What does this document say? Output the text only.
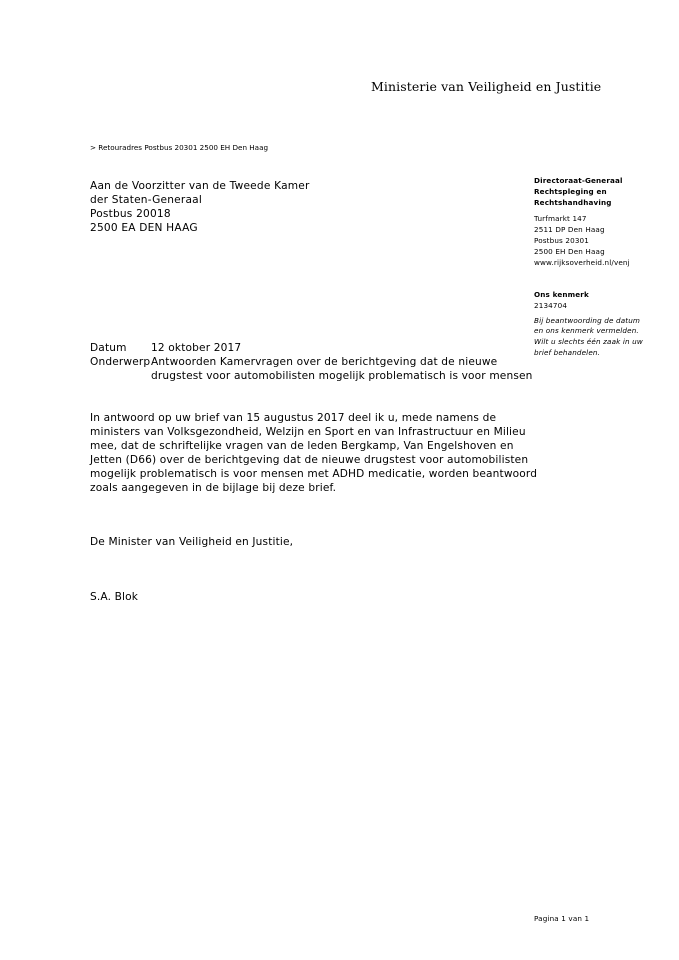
Ministerie van Veiligheid en Justitie
> Retouradres Postbus 20301 2500 EH Den Haag
Aan de Voorzitter van de Tweede Kamer
der Staten-Generaal
Postbus 20018
2500 EA DEN HAAG
Directoraat-Generaal
Rechtspleging en
Rechtshandhaving
Turfmarkt 147
2511 DP Den Haag
Postbus 20301
2500 EH Den Haag
www.rijksoverheid.nl/venj
Ons kenmerk
2134704
Bij beantwoording de datum
en ons kenmerk vermelden.
Wilt u slechts één zaak in uw
brief behandelen.
Datum	12 oktober 2017
Onderwerp Antwoorden Kamervragen over de berichtgeving dat de nieuwe
drugstest voor automobilisten mogelijk problematisch is voor mensen
In antwoord op uw brief van 15 augustus 2017 deel ik u, mede namens de
ministers van Volksgezondheid, Welzijn en Sport en van Infrastructuur en Milieu
mee, dat de schriftelijke vragen van de leden Bergkamp, Van Engelshoven en
Jetten (D66) over de berichtgeving dat de nieuwe drugstest voor automobilisten
mogelijk problematisch is voor mensen met ADHD medicatie, worden beantwoord
zoals aangegeven in de bijlage bij deze brief.
De Minister van Veiligheid en Justitie,
S.A. Blok
Pagina 1 van 1
